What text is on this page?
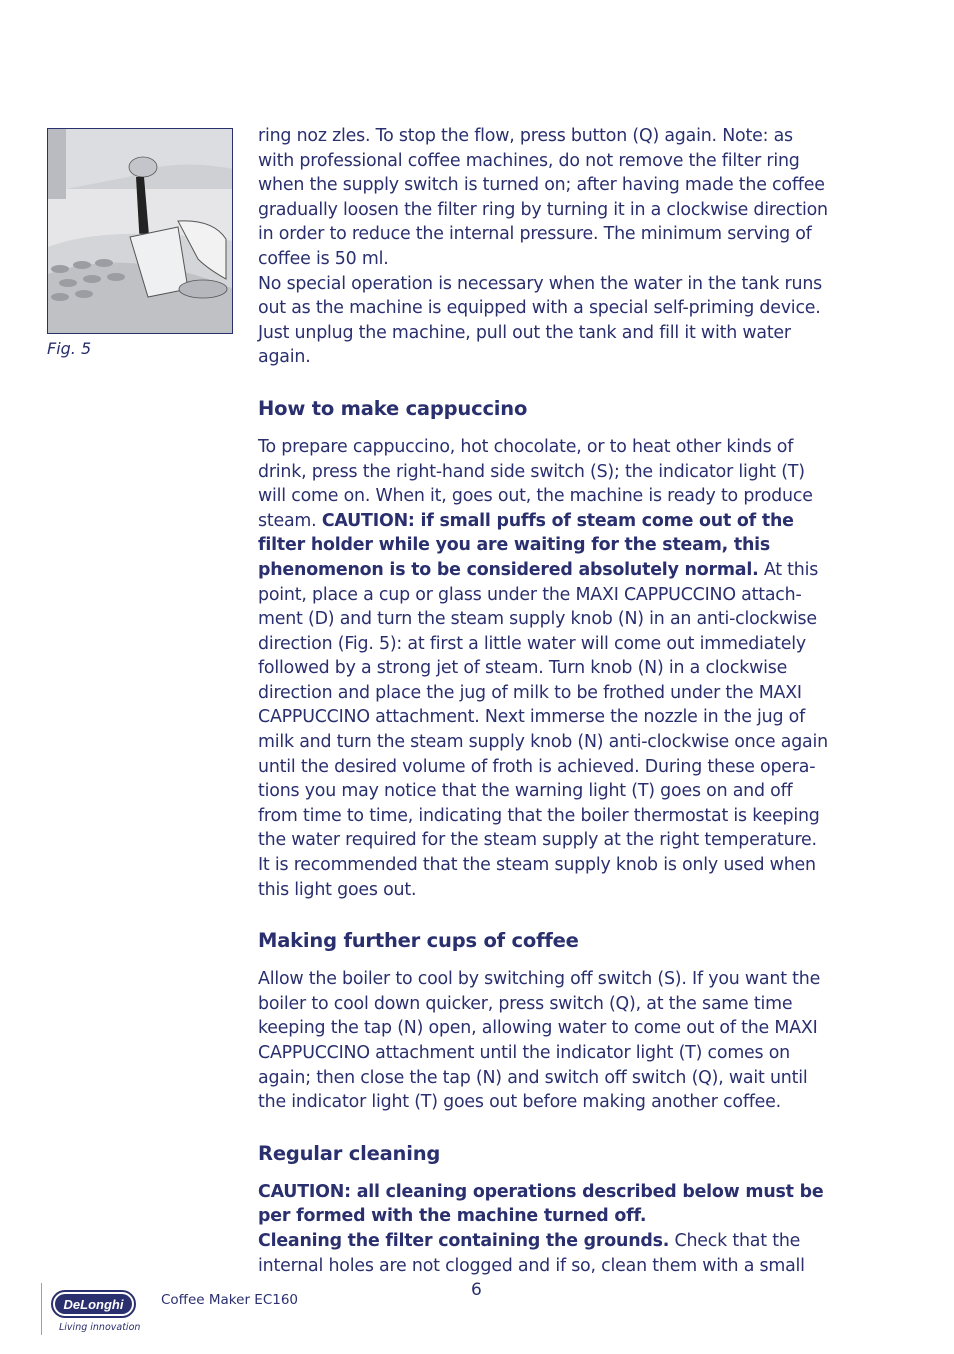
Fig. 5

ring noz zles. To stop the flow, press button (Q) again. Note: as with professional coffee machines, do not remove the filter ring when the supply switch is turned on; after having made the coffee gradually loosen the filter ring by turning it in a clockwise direction in order to reduce the internal pressure. The minimum serving of coffee is 50 ml.

No special operation is necessary when the water in the tank runs out as the machine is equipped with a special self-priming device. Just unplug the machine, pull out the tank and fill it with water again.

How to make cappuccino

To prepare cappuccino, hot chocolate, or to heat other kinds of drink, press the right-hand side switch (S); the indicator light (T) will come on. When it, goes out, the machine is ready to produce steam. CAUTION: if small puffs of steam come out of the filter holder while you are waiting for the steam, this phenomenon is to be considered absolutely normal. At this point, place a cup or glass under the MAXI CAPPUCCINO attach-ment (D) and turn the steam supply knob (N) in an anti-clockwise direction (Fig. 5): at first a little water will come out immediately followed by a strong jet of steam. Turn knob (N) in a clockwise direction and place the jug of milk to be frothed under the MAXI CAPPUCCINO attachment. Next immerse the nozzle in the jug of milk and turn the steam supply knob (N) anti-clockwise once again until the desired volume of froth is achieved. During these opera-tions you may notice that the warning light (T) goes on and off from time to time, indicating that the boiler thermostat is keeping the water required for the steam supply at the right temperature. It is recommended that the steam supply knob is only used when this light goes out.

Making further cups of coffee

Allow the boiler to cool by switching off switch (S). If you want the boiler to cool down quicker, press switch (Q), at the same time keeping the tap (N) open, allowing water to come out of the MAXI CAPPUCCINO attachment until the indicator light (T) comes on again; then close the tap (N) and switch off switch (Q), wait until the indicator light (T) goes out before making another coffee.

Regular cleaning

CAUTION: all cleaning operations described below must be per formed with the machine turned off.

Cleaning the filter containing the grounds. Check that the internal holes are not clogged and if so, clean them with a small

6
DeLonghi
Living innovation
Coffee Maker EC160
